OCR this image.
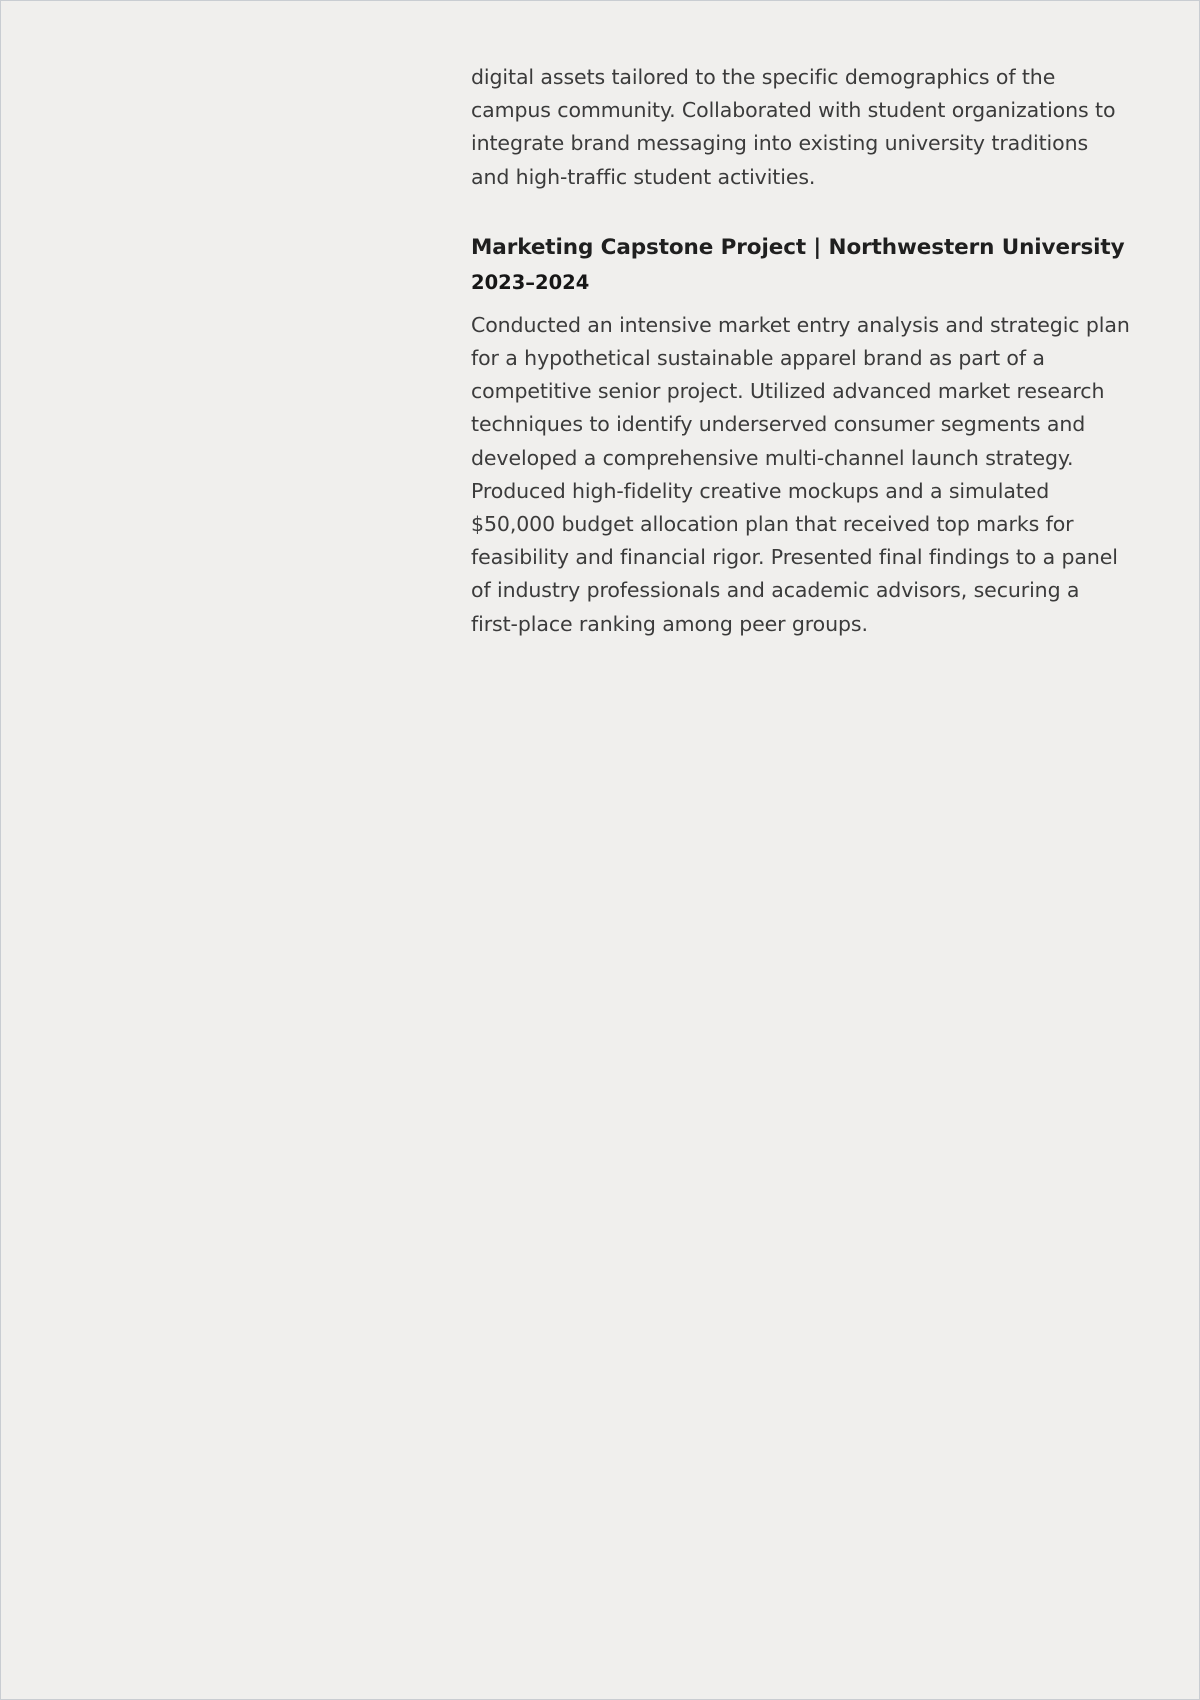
digital assets tailored to the specific demographics of the campus community. Collaborated with student organizations to integrate brand messaging into existing university traditions and high-traffic student activities.

Marketing Capstone Project | Northwestern University
2023–2024

Conducted an intensive market entry analysis and strategic plan for a hypothetical sustainable apparel brand as part of a competitive senior project. Utilized advanced market research techniques to identify underserved consumer segments and developed a comprehensive multi-channel launch strategy. Produced high-fidelity creative mockups and a simulated $50,000 budget allocation plan that received top marks for feasibility and financial rigor. Presented final findings to a panel of industry professionals and academic advisors, securing a first-place ranking among peer groups.
